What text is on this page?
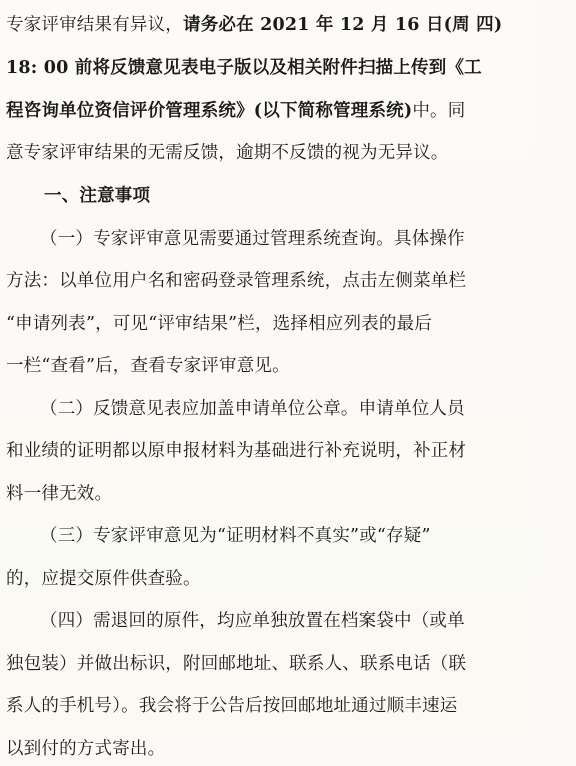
专家评审结果有异议，请务必在 2021 年 12 月 16 日(周 四)
18: 00 前将反馈意见表电子版以及相关附件扫描上传到《工
程咨询单位资信评价管理系统》(以下简称管理系统)中。同
意专家评审结果的无需反馈，逾期不反馈的视为无异议。
一、注意事项
（一）专家评审意见需要通过管理系统查询。具体操作
方法：以单位用户名和密码登录管理系统，点击左侧菜单栏
“申请列表”，可见“评审结果”栏，选择相应列表的最后
一栏“查看”后，查看专家评审意见。
（二）反馈意见表应加盖申请单位公章。申请单位人员
和业绩的证明都以原申报材料为基础进行补充说明，补正材
料一律无效。
（三）专家评审意见为“证明材料不真实”或“存疑”
的，应提交原件供查验。
（四）需退回的原件，均应单独放置在档案袋中（或单
独包装）并做出标识，附回邮地址、联系人、联系电话（联
系人的手机号）。我会将于公告后按回邮地址通过顺丰速运
以到付的方式寄出。
